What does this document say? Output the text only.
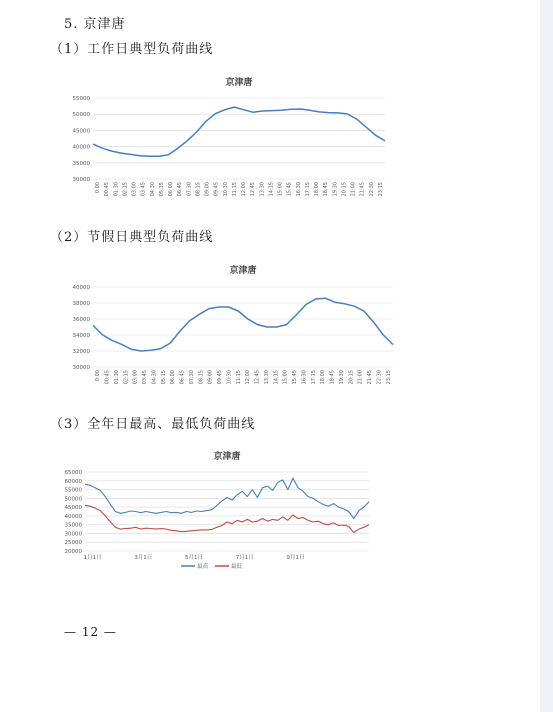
5. 京津唐
（1）工作日典型负荷曲线
京津唐
30000
35000
40000
45000
50000
55000
0:00 00:45 01:30 02:15 03:00 03:45 04:30 05:15 06:00 06:45 07:30 08:15 09:00 09:45 10:30 11:15 12:00 12:45 13:30 14:15 15:00 15:45 16:30 17:15 18:00 18:45 19:30 20:15 21:00 21:45 22:30 23:15
（2）节假日典型负荷曲线
京津唐
30000
32000
34000
36000
38000
40000
0:00 00:45 01:30 02:15 03:00 03:45 04:30 05:15 06:00 06:45 07:30 08:15 09:00 09:45 10:30 11:15 12:00 12:45 13:30 14:15 15:00 15:45 16:30 17:15 18:00 18:45 19:30 20:15 21:00 21:45 22:30 23:15
（3）全年日最高、最低负荷曲线
京津唐
20000
25000
30000
35000
40000
45000
50000
55000
60000
65000
1月1日	3月1日	5月1日	7月1日	9月1日
最高	最低
— 12 —
